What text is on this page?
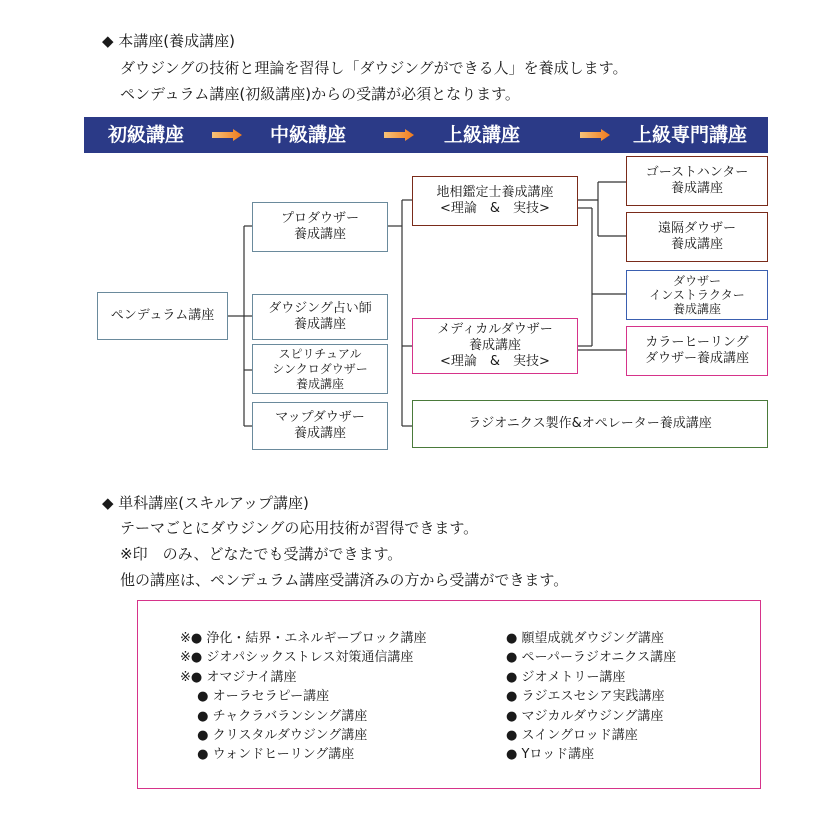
◆ 本講座(養成講座)
ダウジングの技術と理論を習得し「ダウジングができる人」を養成します。
ペンデュラム講座(初級講座)からの受講が必須となります。
初級講座	中級講座	上級講座	上級専門講座
ペンデュラム講座
プロダウザー
養成講座
ダウジング占い師
養成講座
スピリチュアル
シンクロダウザー
養成講座
マップダウザー
養成講座
地相鑑定士養成講座
<理論　&　実技>
メディカルダウザー
養成講座
<理論　&　実技>
ラジオニクス製作&オペレーター養成講座
ゴーストハンター
養成講座
遠隔ダウザー
養成講座
ダウザー
インストラクター
養成講座
カラーヒーリング
ダウザー養成講座
◆ 単科講座(スキルアップ講座)
テーマごとにダウジングの応用技術が習得できます。
※印　のみ、どなたでも受講ができます。
他の講座は、ペンデュラム講座受講済みの方から受講ができます。
※● 浄化・結界・エネルギーブロック講座
※● ジオパシックストレス対策通信講座
※● オマジナイ講座
　 ● オーラセラピー講座
　 ● チャクラバランシング講座
　 ● クリスタルダウジング講座
　 ● ウォンドヒーリング講座
● 願望成就ダウジング講座
● ペーパーラジオニクス講座
● ジオメトリー講座
● ラジエスセシア実践講座
● マジカルダウジング講座
● スイングロッド講座
● Yロッド講座
